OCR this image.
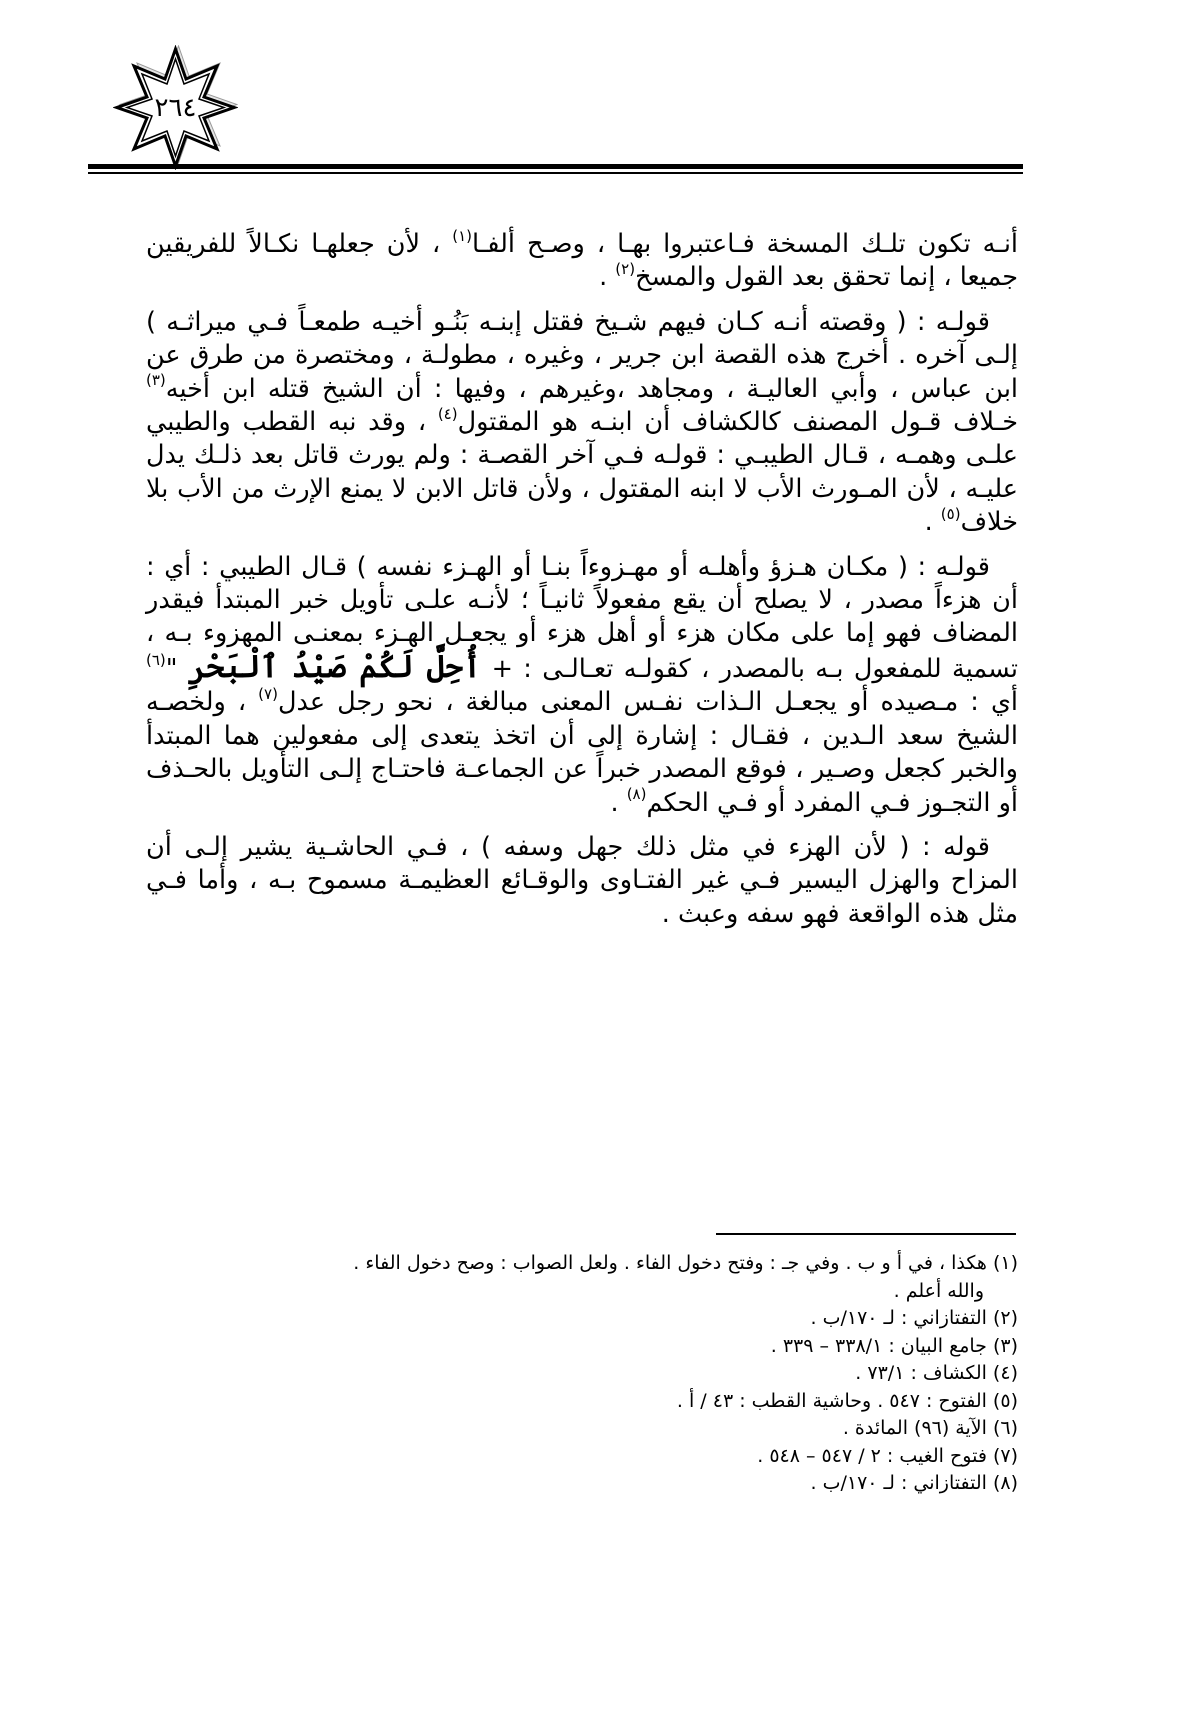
٢٦٤

أنـه تكون تلـك المسخة فـاعتبروا بهـا ، وصـح ألفـا$^{(١)}$ ، لأن جعلهـا نكـالاً للفريقين جميعا ، إنما تحقق بعد القول والمسخ$^{(٢)}$ .

قولـه : ( وقصته أنـه كـان فيهم شـيخ فقتل إبنـه بَنُـو أخيـه طمعـاً فـي ميراثـه ) إلـى آخره . أخرج هذه القصة ابن جرير ، وغيره ، مطولـة ، ومختصرة من طرق عن ابن عباس ، وأبي العاليـة ، ومجاهد ،وغيرهم ، وفيها : أن الشيخ قتله ابن أخيه$^{(٣)}$ خـلاف قـول المصنف كالكشاف أن ابنـه هو المقتول$^{(٤)}$ ، وقد نبه القطب والطيبي علـى وهمـه ، قـال الطيبـي : قولـه فـي آخر القصـة : ولم يورث قاتل بعد ذلـك يدل عليـه ، لأن المـورث الأب لا ابنه المقتول ، ولأن قاتل الابن لا يمنع الإرث من الأب بلا خلاف$^{(٥)}$ .

قولـه : ( مكـان هـزؤ وأهلـه أو مهـزوءاً بنـا أو الهـزء نفسه ) قـال الطيبي : أي : أن هزءاً مصدر ، لا يصلح أن يقع مفعولاً ثانيـاً ؛ لأنـه علـى تأويل خبر المبتدأ فيقدر المضاف فهو إما على مكان هزء أو أهل هزء أو يجعـل الهـزء بمعنـى المهزوء بـه ، تسمية للمفعول بـه بالمصدر ، كقولـه تعـالـى : + أُحِلَّ لَكُمْ صَيْدُ ٱلْبَحْرِ "$^{(٦)}$ أي : مـصيده أو يجعـل الـذات نفـس المعنى مبالغة ، نحو رجل عدل$^{(٧)}$ ، ولخصـه الشيخ سعد الـدين ، فقـال : إشارة إلى أن اتخذ يتعدى إلى مفعولين هما المبتدأ والخبر كجعل وصـير ، فوقع المصدر خبراً عن الجماعـة فاحتـاج إلـى التأويل بالحـذف أو التجـوز فـي المفرد أو فـي الحكم$^{(٨)}$ .

قوله : ( لأن الهزء في مثل ذلك جهل وسفه ) ، فـي الحاشـية يشير إلـى أن المزاح والهزل اليسير فـي غير الفتـاوى والوقـائع العظيمـة مسموح بـه ، وأما فـي مثل هذه الواقعة فهو سفه وعبث .

(١) هكذا ، في أ و ب . وفي جـ : وفتح دخول الفاء . ولعل الصواب : وصح دخول الفاء .
والله أعلم .
(٢) التفتازاني : لـ ١٧٠/ب .
(٣) جامع البيان : ٣٣٨/١ – ٣٣٩ .
(٤) الكشاف : ٧٣/١ .
(٥) الفتوح : ٥٤٧ . وحاشية القطب : ٤٣ / أ .
(٦) الآية (٩٦) المائدة .
(٧) فتوح الغيب : ٢ / ٥٤٧ – ٥٤٨ .
(٨) التفتازاني : لـ ١٧٠/ب .
